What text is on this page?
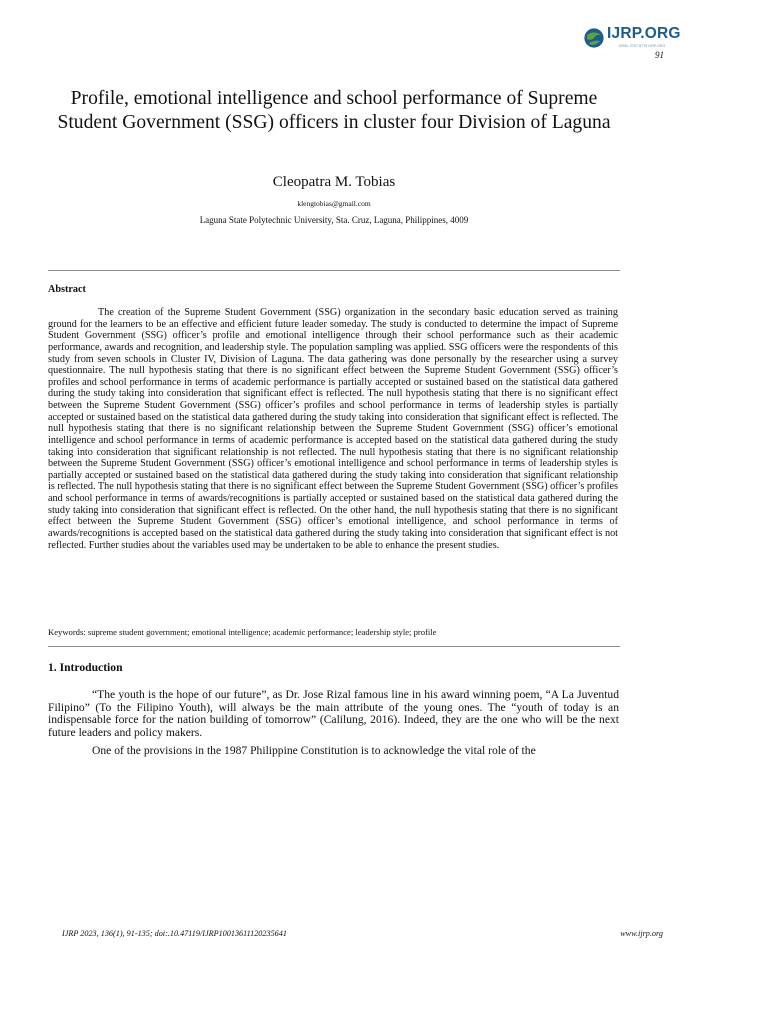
IJRP.ORG
ISSN: 2707-8779 IJRP.ORG
91
Profile, emotional intelligence and school performance of Supreme Student Government (SSG) officers in cluster four Division of Laguna
Cleopatra M. Tobias
klengtobias@gmail.com
Laguna State Polytechnic University, Sta. Cruz, Laguna, Philippines, 4009
Abstract

The creation of the Supreme Student Government (SSG) organization in the secondary basic education served as training ground for the learners to be an effective and efficient future leader someday. The study is conducted to determine the impact of Supreme Student Government (SSG) officer’s profile and emotional intelligence through their school performance such as their academic performance, awards and recognition, and leadership style. The population sampling was applied. SSG officers were the respondents of this study from seven schools in Cluster IV, Division of Laguna. The data gathering was done personally by the researcher using a survey questionnaire. The null hypothesis stating that there is no significant effect between the Supreme Student Government (SSG) officer’s profiles and school performance in terms of academic performance is partially accepted or sustained based on the statistical data gathered during the study taking into consideration that significant effect is reflected. The null hypothesis stating that there is no significant effect between the Supreme Student Government (SSG) officer’s profiles and school performance in terms of leadership styles is partially accepted or sustained based on the statistical data gathered during the study taking into consideration that significant effect is reflected. The null hypothesis stating that there is no significant relationship between the Supreme Student Government (SSG) officer’s emotional intelligence and school performance in terms of academic performance is accepted based on the statistical data gathered during the study taking into consideration that significant relationship is not reflected. The null hypothesis stating that there is no significant relationship between the Supreme Student Government (SSG) officer’s emotional intelligence and school performance in terms of leadership styles is partially accepted or sustained based on the statistical data gathered during the study taking into consideration that significant relationship is reflected. The null hypothesis stating that there is no significant effect between the Supreme Student Government (SSG) officer’s profiles and school performance in terms of awards/recognitions is partially accepted or sustained based on the statistical data gathered during the study taking into consideration that significant effect is reflected. On the other hand, the null hypothesis stating that there is no significant effect between the Supreme Student Government (SSG) officer’s emotional intelligence, and school performance in terms of awards/recognitions is accepted based on the statistical data gathered during the study taking into consideration that significant effect is not reflected. Further studies about the variables used may be undertaken to be able to enhance the present studies.

Keywords: supreme student government; emotional intelligence; academic performance; leadership style; profile
1. Introduction

“The youth is the hope of our future”, as Dr. Jose Rizal famous line in his award winning poem, “A La Juventud Filipino” (To the Filipino Youth), will always be the main attribute of the young ones. The “youth of today is an indispensable force for the nation building of tomorrow” (Calilung, 2016). Indeed, they are the one who will be the next future leaders and policy makers.

One of the provisions in the 1987 Philippine Constitution is to acknowledge the vital role of the

IJRP 2023, 136(1), 91-135; doi:.10.47119/IJRP1001361112023564​1	www.ijrp.org
